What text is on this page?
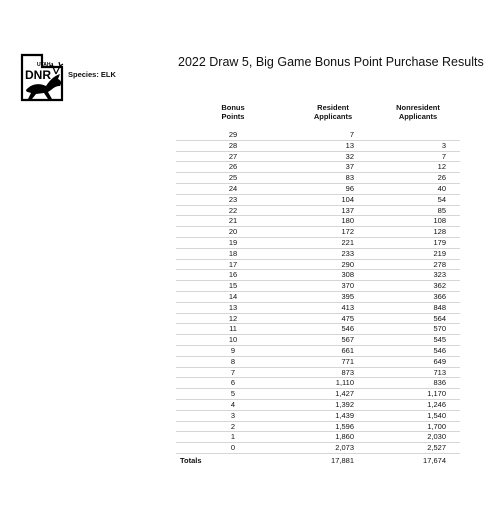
UTAH
DNR Species: ELK
2022 Draw 5, Big Game Bonus Point Purchase Results
Bonus
Points
Resident
Applicants
Nonresident
Applicants
29	7
28	13	3
27	32	7
26	37	12
25	83	26
24	96	40
23	104	54
22	137	85
21	180	108
20	172	128
19	221	179
18	233	219
17	290	278
16	308	323
15	370	362
14	395	366
13	413	848
12	475	564
11	546	570
10	567	545
9	661	546
8	771	649
7	873	713
6	1,110	836
5	1,427	1,170
4	1,392	1,246
3	1,439	1,540
2	1,596	1,700
1	1,860	2,030
0	2,073	2,527
Totals	17,881	17,674
